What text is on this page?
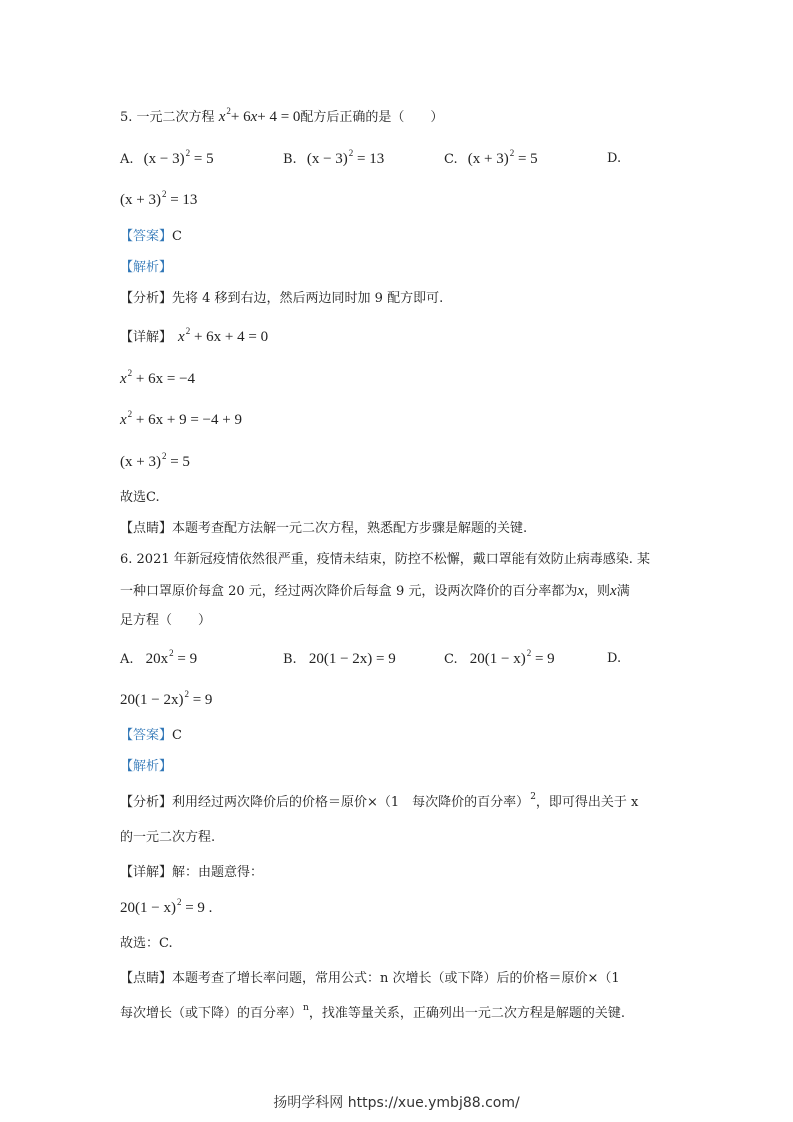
5. 一元二次方程 $x^2+ 6x+ 4 = 0$配方后正确的是（　　）
A. $(x - 3)^2 = 5$	B. $(x - 3)^2 = 13$	C. $(x + 3)^2 = 5$	D.
$(x + 3)^2 = 13$
【答案】C
【解析】
【分析】先将 4 移到右边，然后两边同时加 9 配方即可.
【详解】 $x^2 + 6x + 4 = 0$
$x^2 + 6x = -4$
$x^2 + 6x + 9 = -4 + 9$
$(x + 3)^2 = 5$
故选C.
【点睛】本题考查配方法解一元二次方程，熟悉配方步骤是解题的关键.
6. 2021 年新冠疫情依然很严重，疫情未结束，防控不松懈，戴口罩能有效防止病毒感染. 某
一种口罩原价每盒 20 元，经过两次降价后每盒 9 元，设两次降价的百分率都为x，则x满
足方程（　　）
A. $20x^2 = 9$	B. 20(1 − 2x) = 9	C. $20(1 - x)^2 = 9$	D.
$20(1 - 2x)^2 = 9$
【答案】C
【解析】
【分析】利用经过两次降价后的价格＝原价×（1　每次降价的百分率）$^2$，即可得出关于 x
的一元二次方程.
【详解】解：由题意得：
$20(1 - x)^2 = 9$ .
故选：C.
【点睛】本题考查了增长率问题，常用公式：n 次增长（或下降）后的价格＝原价×（1
每次增长（或下降）的百分率）$^n$，找准等量关系，正确列出一元二次方程是解题的关键.
扬明学科网 https://xue.ymbj88.com/
